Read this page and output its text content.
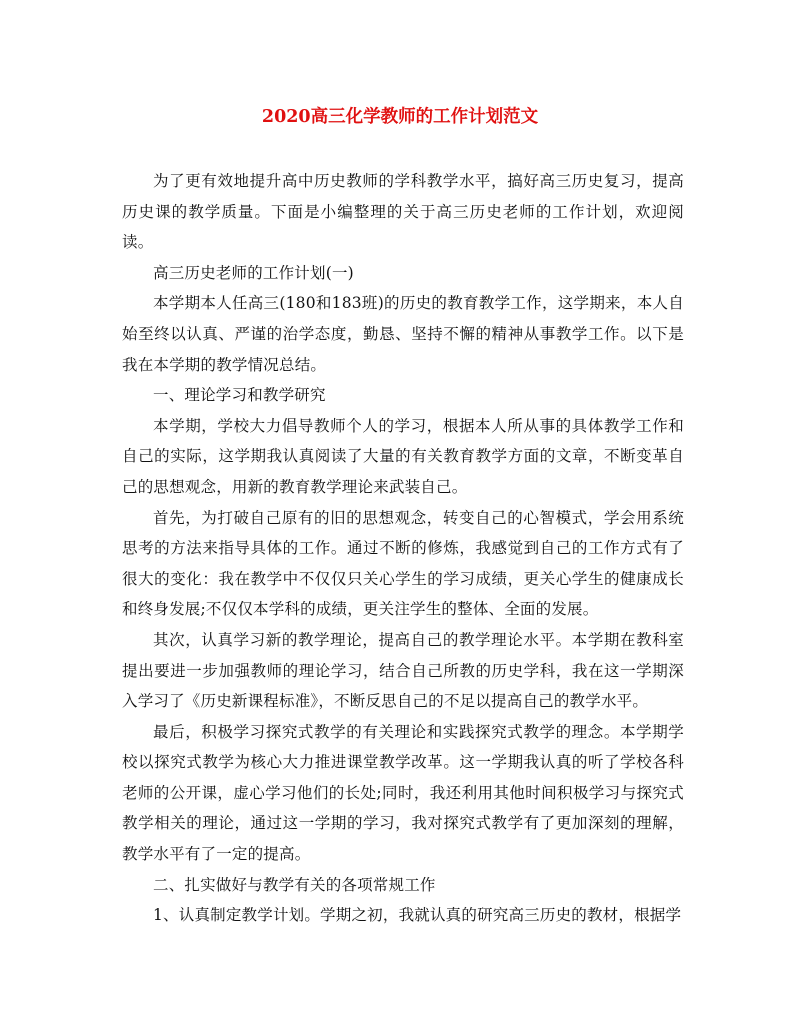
2020高三化学教师的工作计划范文

为了更有效地提升高中历史教师的学科教学水平，搞好高三历史复习，提高历史课的教学质量。下面是小编整理的关于高三历史老师的工作计划，欢迎阅读。

高三历史老师的工作计划(一)

本学期本人任高三(180和183班)的历史的教育教学工作，这学期来，本人自始至终以认真、严谨的治学态度，勤恳、坚持不懈的精神从事教学工作。以下是我在本学期的教学情况总结。

一、理论学习和教学研究

本学期，学校大力倡导教师个人的学习，根据本人所从事的具体教学工作和自己的实际，这学期我认真阅读了大量的有关教育教学方面的文章，不断变革自己的思想观念，用新的教育教学理论来武装自己。

首先，为打破自己原有的旧的思想观念，转变自己的心智模式，学会用系统思考的方法来指导具体的工作。通过不断的修炼，我感觉到自己的工作方式有了很大的变化：我在教学中不仅仅只关心学生的学习成绩，更关心学生的健康成长和终身发展;不仅仅本学科的成绩，更关注学生的整体、全面的发展。

其次，认真学习新的教学理论，提高自己的教学理论水平。本学期在教科室提出要进一步加强教师的理论学习，结合自己所教的历史学科，我在这一学期深入学习了《历史新课程标准》，不断反思自己的不足以提高自己的教学水平。

最后，积极学习探究式教学的有关理论和实践探究式教学的理念。本学期学校以探究式教学为核心大力推进课堂教学改革。这一学期我认真的听了学校各科老师的公开课，虚心学习他们的长处;同时，我还利用其他时间积极学习与探究式教学相关的理论，通过这一学期的学习，我对探究式教学有了更加深刻的理解，教学水平有了一定的提高。

二、扎实做好与教学有关的各项常规工作

1、认真制定教学计划。学期之初，我就认真的研究高三历史的教材，根据学
